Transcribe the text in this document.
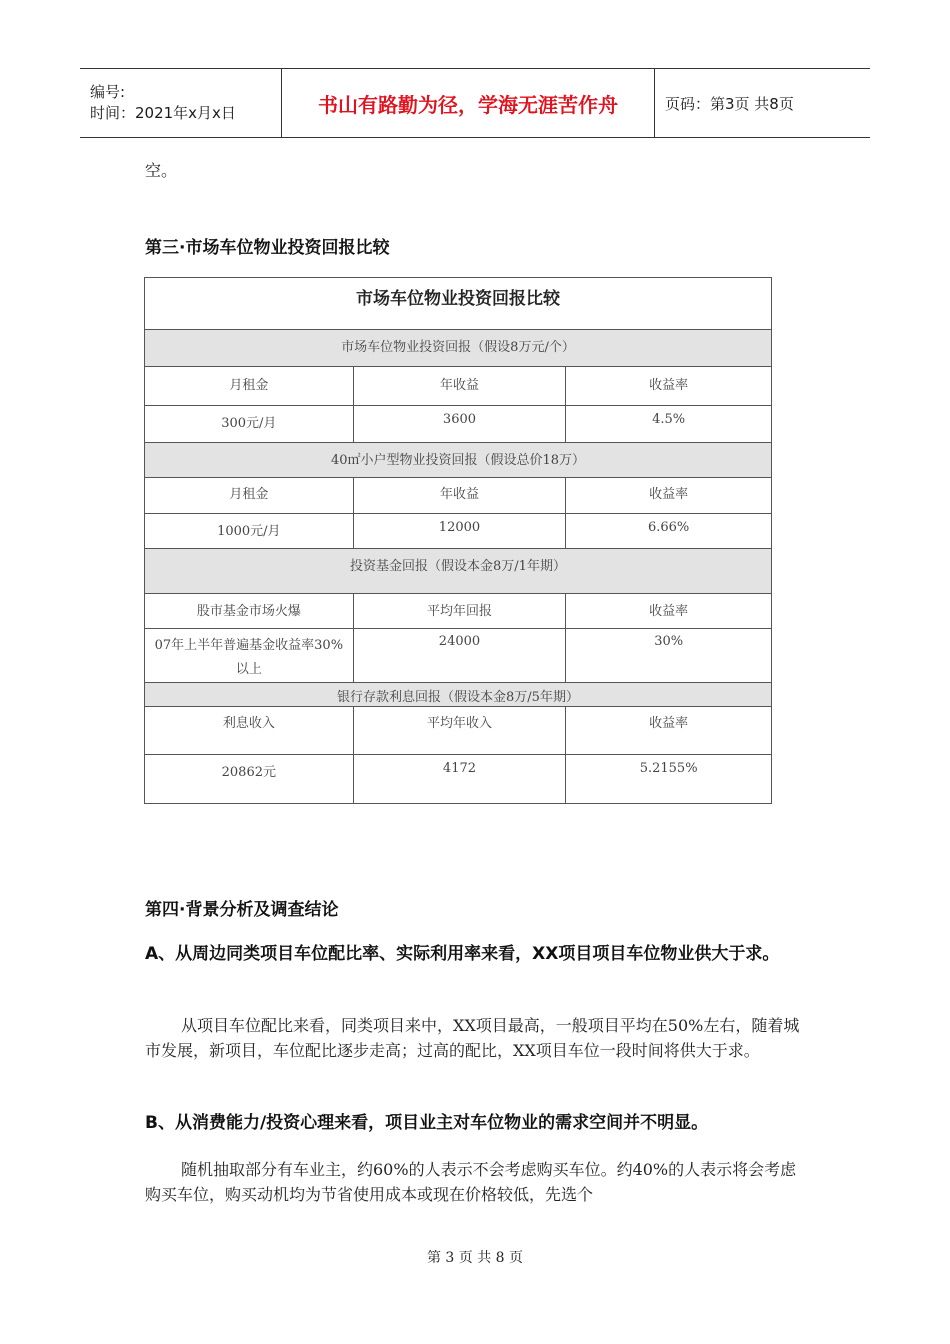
编号:
时间：2021年x月x日	书山有路勤为径，学海无涯苦作舟	页码：第3页 共8页
空。
第三·市场车位物业投资回报比较
市场车位物业投资回报比较		
市场车位物业投资回报（假设8万元/个）		
月租金	年收益	收益率
300元/月	3600	4.5%
40㎡小户型物业投资回报（假设总价18万）		
月租金	年收益	收益率
1000元/月	12000	6.66%
投资基金回报（假设本金8万/1年期）		
股市基金市场火爆	平均年回报	收益率
07年上半年普遍基金收益率30%以上	24000	30%
银行存款利息回报（假设本金8万/5年期）		
利息收入	平均年收入	收益率
20862元	4172	5.2155%
第四·背景分析及调查结论
A、从周边同类项目车位配比率、实际利用率来看，XX项目项目车位物业供大于求。
从项目车位配比来看，同类项目来中，XX项目最高，一般项目平均在50%左右，随着城市发展，新项目，车位配比逐步走高；过高的配比，XX项目车位一段时间将供大于求。
B、从消费能力/投资心理来看，项目业主对车位物业的需求空间并不明显。
随机抽取部分有车业主，约60%的人表示不会考虑购买车位。约40%的人表示将会考虑购买车位，购买动机均为节省使用成本或现在价格较低，先选个
第 3 页 共 8 页
